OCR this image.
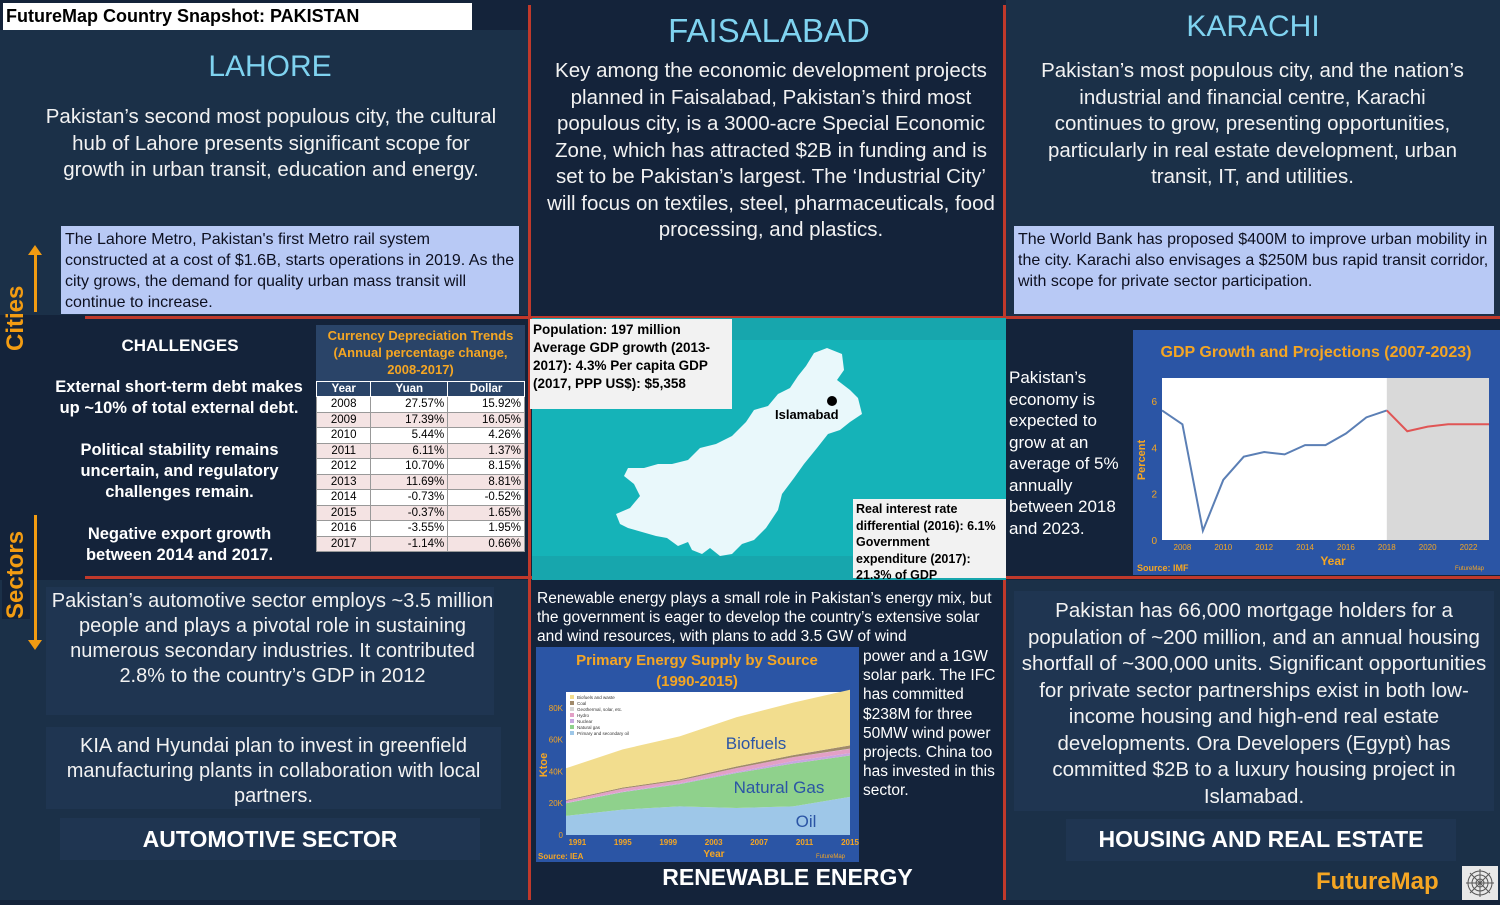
FutureMap Country Snapshot: PAKISTAN
LAHORE
Pakistan’s second most populous city, the cultural hub of Lahore presents significant scope for growth in urban transit, education and energy.
The Lahore Metro, Pakistan's first Metro rail system constructed at a cost of $1.6B, starts operations in 2019. As the city grows, the demand for quality urban mass transit will continue to increase.
FAISALABAD
Key among the economic development projects planned in Faisalabad, Pakistan’s third most populous city, is a 3000-acre Special Economic Zone, which has attracted $2B in funding and is set to be Pakistan’s largest. The ‘Industrial City’ will focus on textiles, steel, pharmaceuticals, food processing, and plastics.
KARACHI
Pakistan’s most populous city, and the nation’s industrial and financial centre, Karachi continues to grow, presenting opportunities, particularly in real estate development, urban transit, IT, and utilities.
The World Bank has proposed $400M to improve urban mobility in the city. Karachi also envisages a $250M bus rapid transit corridor, with scope for private sector participation.
Cities
Sectors
CHALLENGES
External short-term debt makes up ~10% of total external debt.
Political stability remains uncertain, and regulatory challenges remain.
Negative export growth between 2014 and 2017.
Currency Depreciation Trends (Annual percentage change, 2008-2017)
Year	Yuan	Dollar
2008	27.57%	15.92%
2009	17.39%	16.05%
2010	5.44%	4.26%
2011	6.11%	1.37%
2012	10.70%	8.15%
2013	11.69%	8.81%
2014	-0.73%	-0.52%
2015	-0.37%	1.65%
2016	-3.55%	1.95%
2017	-1.14%	0.66%
Islamabad
Population: 197 million Average GDP growth (2013-2017): 4.3% Per capita GDP (2017, PPP US$): $5,358
Real interest rate differential (2016): 6.1% Government expenditure (2017): 21.3% of GDP
Pakistan’s economy is expected to grow at an average of 5% annually between 2018 and 2023.
GDP Growth and Projections (2007-2023)
0
2
4
6
2008	2010	2012	2014	2016	2018	2020	2022
Year
Percent
Source: IMF	FutureMap
Pakistan’s automotive sector employs ~3.5 million people and plays a pivotal role in sustaining numerous secondary industries. It contributed 2.8% to the country’s GDP in 2012
KIA and Hyundai plan to invest in greenfield manufacturing plants in collaboration with local partners.
AUTOMOTIVE SECTOR
Renewable energy plays a small role in Pakistan’s energy mix, but the government is eager to develop the country’s extensive solar and wind resources, with plans to add 3.5 GW of wind
power and a 1GW solar park. The IFC has committed $238M for three 50MW wind power projects. China too has invested in this sector.
Primary Energy Supply by Source
(1990-2015)
Biofuels and waste
Coal
Geothermal, solar, etc.
Hydro
Nuclear
Natural gas
Primary and secondary oil
Biofuels
Natural Gas
Oil
0
20K
40K
60K
80K
1991	1995	1999	2003	2007	2011	2015
Year
Ktoe
Source: IEA	FutureMap
RENEWABLE ENERGY
Pakistan has 66,000 mortgage holders for a population of ~200 million, and an annual housing shortfall of ~300,000 units. Significant opportunities for private sector partnerships exist in both low-income housing and high-end real estate developments. Ora Developers (Egypt) has committed $2B to a luxury housing project in Islamabad.
HOUSING AND REAL ESTATE
FutureMap
